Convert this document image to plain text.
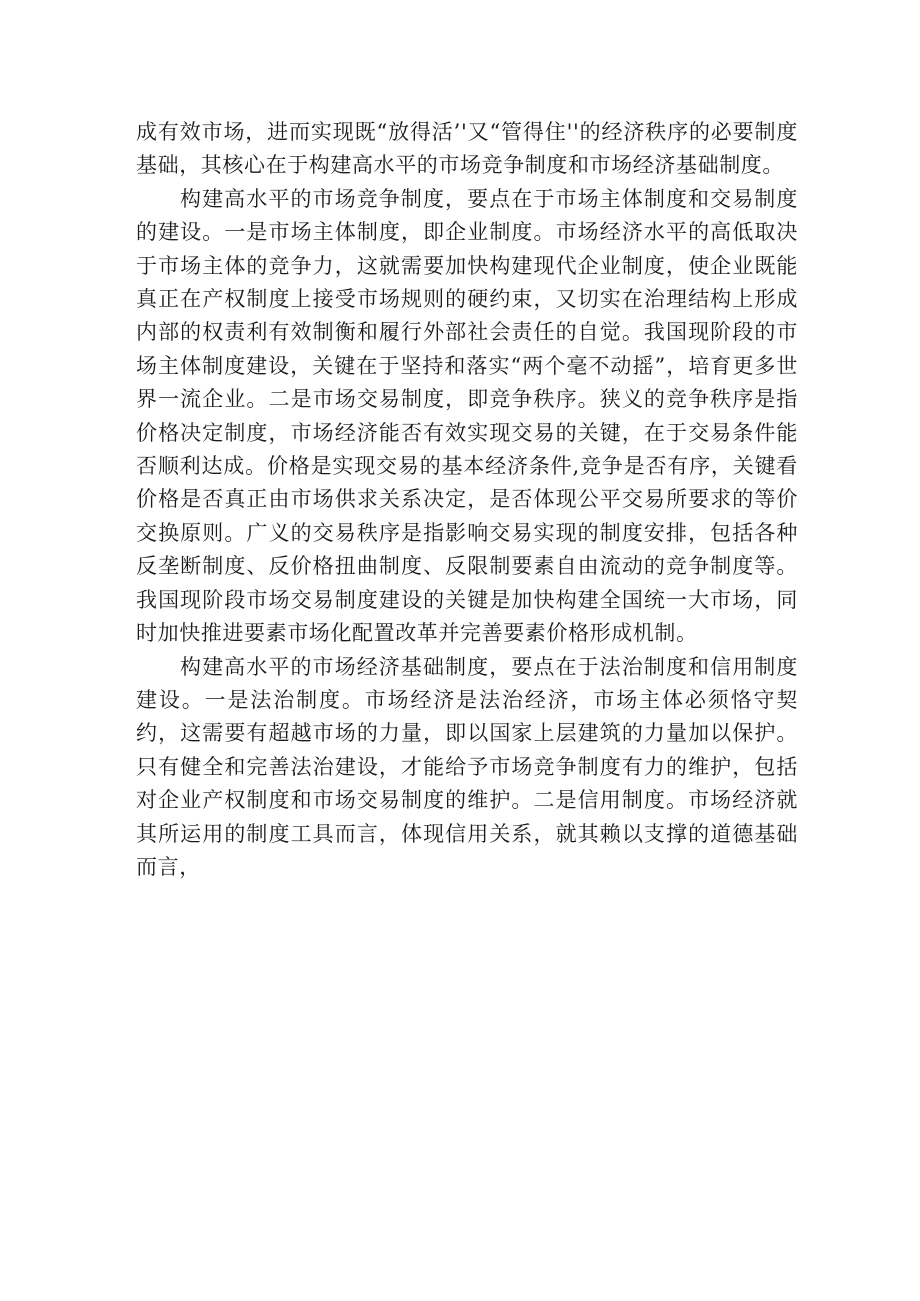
成有效市场，进而实现既“放得活’'又“管得住''的经济秩序的必要制度基础，其核心在于构建高水平的市场竞争制度和市场经济基础制度。

构建高水平的市场竞争制度，要点在于市场主体制度和交易制度的建设。一是市场主体制度，即企业制度。市场经济水平的高低取决于市场主体的竞争力，这就需要加快构建现代企业制度，使企业既能真正在产权制度上接受市场规则的硬约束，又切实在治理结构上形成内部的权责利有效制衡和履行外部社会责任的自觉。我国现阶段的市场主体制度建设，关键在于坚持和落实“两个毫不动摇”，培育更多世界一流企业。二是市场交易制度，即竞争秩序。狭义的竞争秩序是指价格决定制度，市场经济能否有效实现交易的关键，在于交易条件能否顺利达成。价格是实现交易的基本经济条件,竞争是否有序，关键看价格是否真正由市场供求关系决定，是否体现公平交易所要求的等价交换原则。广义的交易秩序是指影响交易实现的制度安排，包括各种反垄断制度、反价格扭曲制度、反限制要素自由流动的竞争制度等。我国现阶段市场交易制度建设的关键是加快构建全国统一大市场，同时加快推进要素市场化配置改革并完善要素价格形成机制。

构建高水平的市场经济基础制度，要点在于法治制度和信用制度建设。一是法治制度。市场经济是法治经济，市场主体必须恪守契约，这需要有超越市场的力量，即以国家上层建筑的力量加以保护。只有健全和完善法治建设，才能给予市场竞争制度有力的维护，包括对企业产权制度和市场交易制度的维护。二是信用制度。市场经济就其所运用的制度工具而言，体现信用关系，就其赖以支撑的道德基础而言，
